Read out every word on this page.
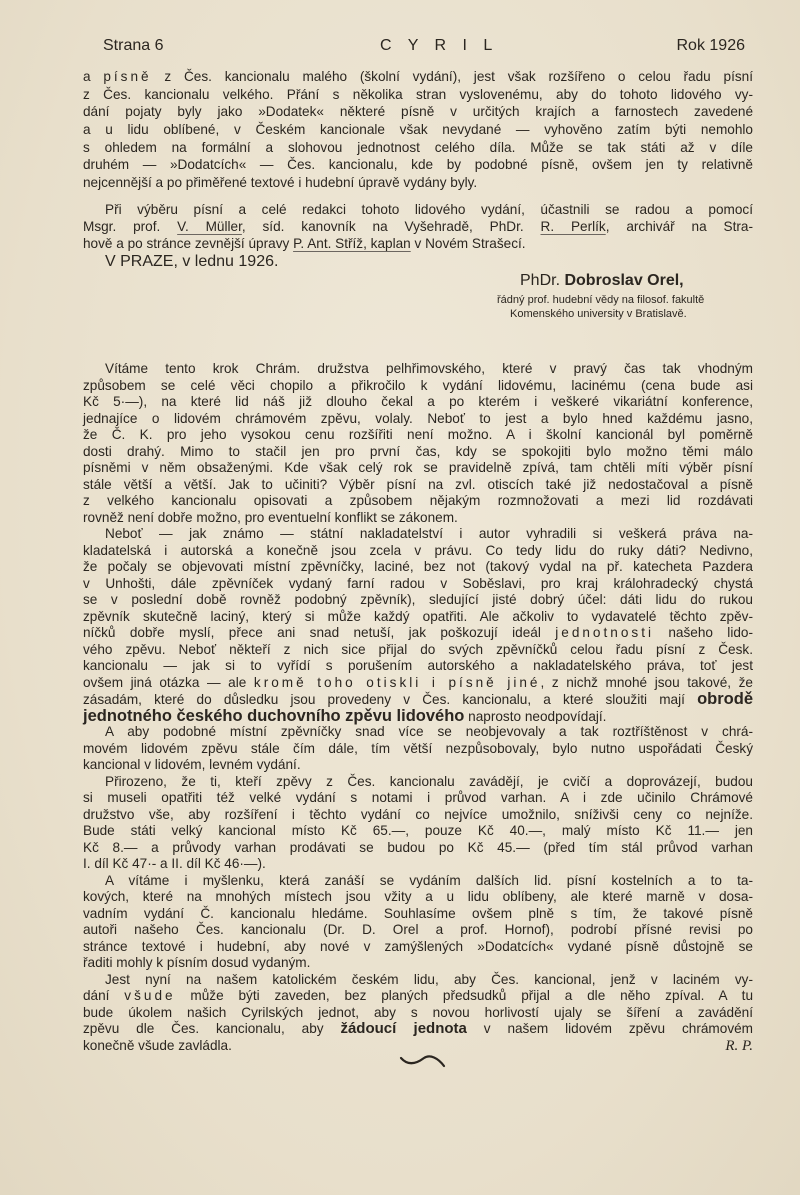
Strana 6	C Y R I L	Rok 1926
a písně z Čes. kancionalu malého (školní vydání), jest však rozšířeno o celou řadu písní
z Čes. kancionalu velkého. Přání s několika stran vyslovenému, aby do tohoto lidového vy-
dání pojaty byly jako »Dodatek« některé písně v určitých krajích a farnostech zavedené
a u lidu oblíbené, v Českém kancionale však nevydané — vyhověno zatím býti nemohlo
s ohledem na formální a slohovou jednotnost celého díla. Může se tak státi až v díle
druhém — »Dodatcích« — Čes. kancionalu, kde by podobné písně, ovšem jen ty relativně
nejcennější a po přiměřené textové i hudební úpravě vydány byly.
Při výběru písní a celé redakci tohoto lidového vydání, účastnili se radou a pomocí
Msgr. prof. V. Müller, síd. kanovník na Vyšehradě, PhDr. R. Perlík, archivář na Stra-
hově a po stránce zevnější úpravy P. Ant. Stříž, kaplan v Novém Strašecí.
V PRAZE, v lednu 1926.
PhDr. Dobroslav Orel,
řádný prof. hudební vědy na filosof. fakultě
Komenského university v Bratislavě.
Vítáme tento krok Chrám. družstva pelhřimovského, které v pravý čas tak vhodným
způsobem se celé věci chopilo a přikročilo k vydání lidovému, lacinému (cena bude asi
Kč 5·—), na které lid náš již dlouho čekal a po kterém i veškeré vikariátní konference,
jednajíce o lidovém chrámovém zpěvu, volaly. Neboť to jest a bylo hned každému jasno,
že Č. K. pro jeho vysokou cenu rozšířiti není možno. A i školní kancionál byl poměrně
dosti drahý. Mimo to stačil jen pro první čas, kdy se spokojiti bylo možno těmi málo
písněmi v něm obsaženými. Kde však celý rok se pravidelně zpívá, tam chtěli míti výběr písní
stále větší a větší. Jak to učiniti? Výběr písní na zvl. otiscích také již nedostačoval a písně
z velkého kancionalu opisovati a způsobem nějakým rozmnožovati a mezi lid rozdávati
rovněž není dobře možno, pro eventuelní konflikt se zákonem.
Neboť — jak známo — státní nakladatelství i autor vyhradili si veškerá práva na-
kladatelská i autorská a konečně jsou zcela v právu. Co tedy lidu do ruky dáti? Nedivno,
že počaly se objevovati místní zpěvníčky, laciné, bez not (takový vydal na př. katecheta Pazdera
v Unhošti, dále zpěvníček vydaný farní radou v Soběslavi, pro kraj králohradecký chystá
se v poslední době rovněž podobný zpěvník), sledující jisté dobrý účel: dáti lidu do rukou
zpěvník skutečně laciný, který si může každý opatřiti. Ale ačkoliv to vydavatelé těchto zpěv-
níčků dobře myslí, přece ani snad netuší, jak poškozují ideál jednotnosti našeho lido-
vého zpěvu. Neboť někteří z nich sice přijal do svých zpěvníčků celou řadu písní z Česk.
kancionalu — jak si to vyřídí s porušením autorského a nakladatelského práva, toť jest
ovšem jiná otázka — ale kromě toho otiskli i písně jiné, z nichž mnohé jsou takové, že
zásadám, které do důsledku jsou provedeny v Čes. kancionalu, a které sloužiti mají obrodě
jednotného českého duchovního zpěvu lidového naprosto neodpovídají.
A aby podobné místní zpěvníčky snad více se neobjevovaly a tak roztříštěnost v chrá-
movém lidovém zpěvu stále čím dále, tím větší nezpůsobovaly, bylo nutno uspořádati Český
kancional v lidovém, levném vydání.
Přirozeno, že ti, kteří zpěvy z Čes. kancionalu zavádějí, je cvičí a doprovázejí, budou
si museli opatřiti též velké vydání s notami i průvod varhan. A i zde učinilo Chrámové
družstvo vše, aby rozšíření i těchto vydání co nejvíce umožnilo, sníživši ceny co nejníže.
Bude státi velký kancional místo Kč 65.—, pouze Kč 40.—, malý místo Kč 11.— jen
Kč 8.— a průvody varhan prodávati se budou po Kč 45.— (před tím stál průvod varhan
I. díl Kč 47·- a II. díl Kč 46·—).
A vítáme i myšlenku, která zanáší se vydáním dalších lid. písní kostelních a to ta-
kových, které na mnohých místech jsou vžity a u lidu oblíbeny, ale které marně v dosa-
vadním vydání Č. kancionalu hledáme. Souhlasíme ovšem plně s tím, že takové písně
autoři našeho Čes. kancionalu (Dr. D. Orel a prof. Hornof), podrobí přísné revisi po
stránce textové i hudební, aby nové v zamýšlených »Dodatcích« vydané písně důstojně se
řaditi mohly k písním dosud vydaným.
Jest nyní na našem katolickém českém lidu, aby Čes. kancional, jenž v laciném vy-
dání všude může býti zaveden, bez planých předsudků přijal a dle něho zpíval. A tu
bude úkolem našich Cyrilských jednot, aby s novou horlivostí ujaly se šíření a zavádění
zpěvu dle Čes. kancionalu, aby žádoucí jednota v našem lidovém zpěvu chrámovém
konečně všude zavládla.	R. P.
